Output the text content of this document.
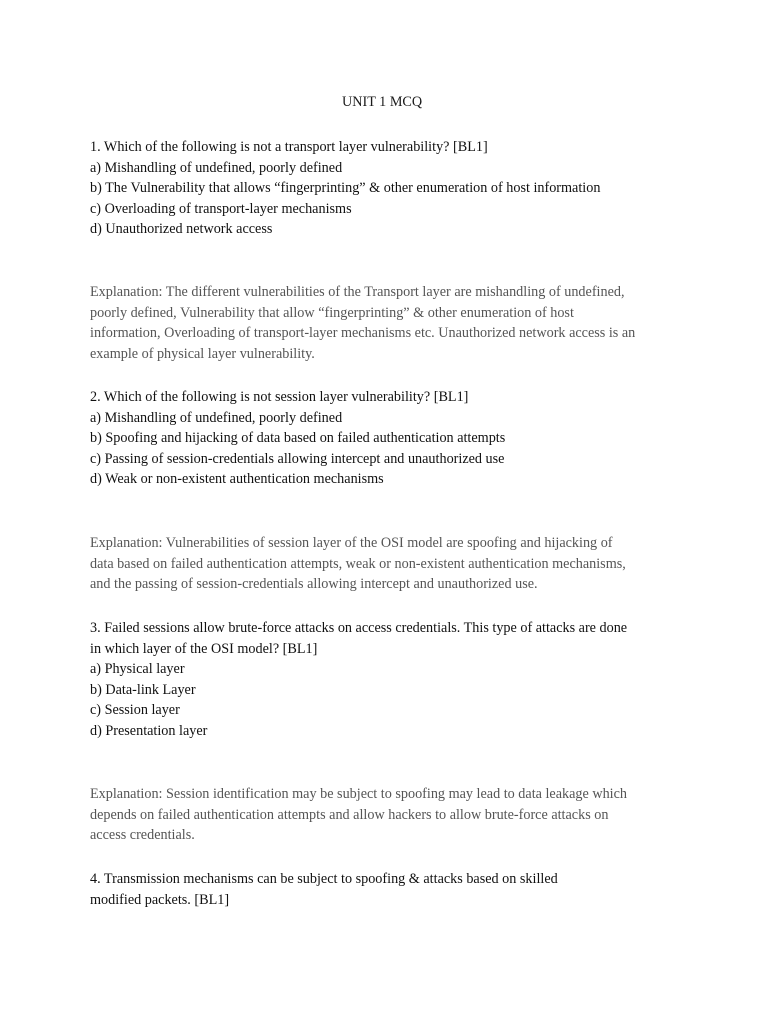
UNIT 1 MCQ
1. Which of the following is not a transport layer vulnerability? [BL1]
a) Mishandling of undefined, poorly defined
b) The Vulnerability that allows “fingerprinting” & other enumeration of host information
c) Overloading of transport-layer mechanisms
d) Unauthorized network access
Explanation: The different vulnerabilities of the Transport layer are mishandling of undefined,
poorly defined, Vulnerability that allow “fingerprinting” & other enumeration of host
information, Overloading of transport-layer mechanisms etc. Unauthorized network access is an
example of physical layer vulnerability.
2. Which of the following is not session layer vulnerability? [BL1]
a) Mishandling of undefined, poorly defined
b) Spoofing and hijacking of data based on failed authentication attempts
c) Passing of session-credentials allowing intercept and unauthorized use
d) Weak or non-existent authentication mechanisms
Explanation: Vulnerabilities of session layer of the OSI model are spoofing and hijacking of
data based on failed authentication attempts, weak or non-existent authentication mechanisms,
and the passing of session-credentials allowing intercept and unauthorized use.
3. Failed sessions allow brute-force attacks on access credentials. This type of attacks are done
in which layer of the OSI model? [BL1]
a) Physical layer
b) Data-link Layer
c) Session layer
d) Presentation layer
Explanation: Session identification may be subject to spoofing may lead to data leakage which
depends on failed authentication attempts and allow hackers to allow brute-force attacks on
access credentials.
4. Transmission mechanisms can be subject to spoofing & attacks based on skilled
modified packets. [BL1]
